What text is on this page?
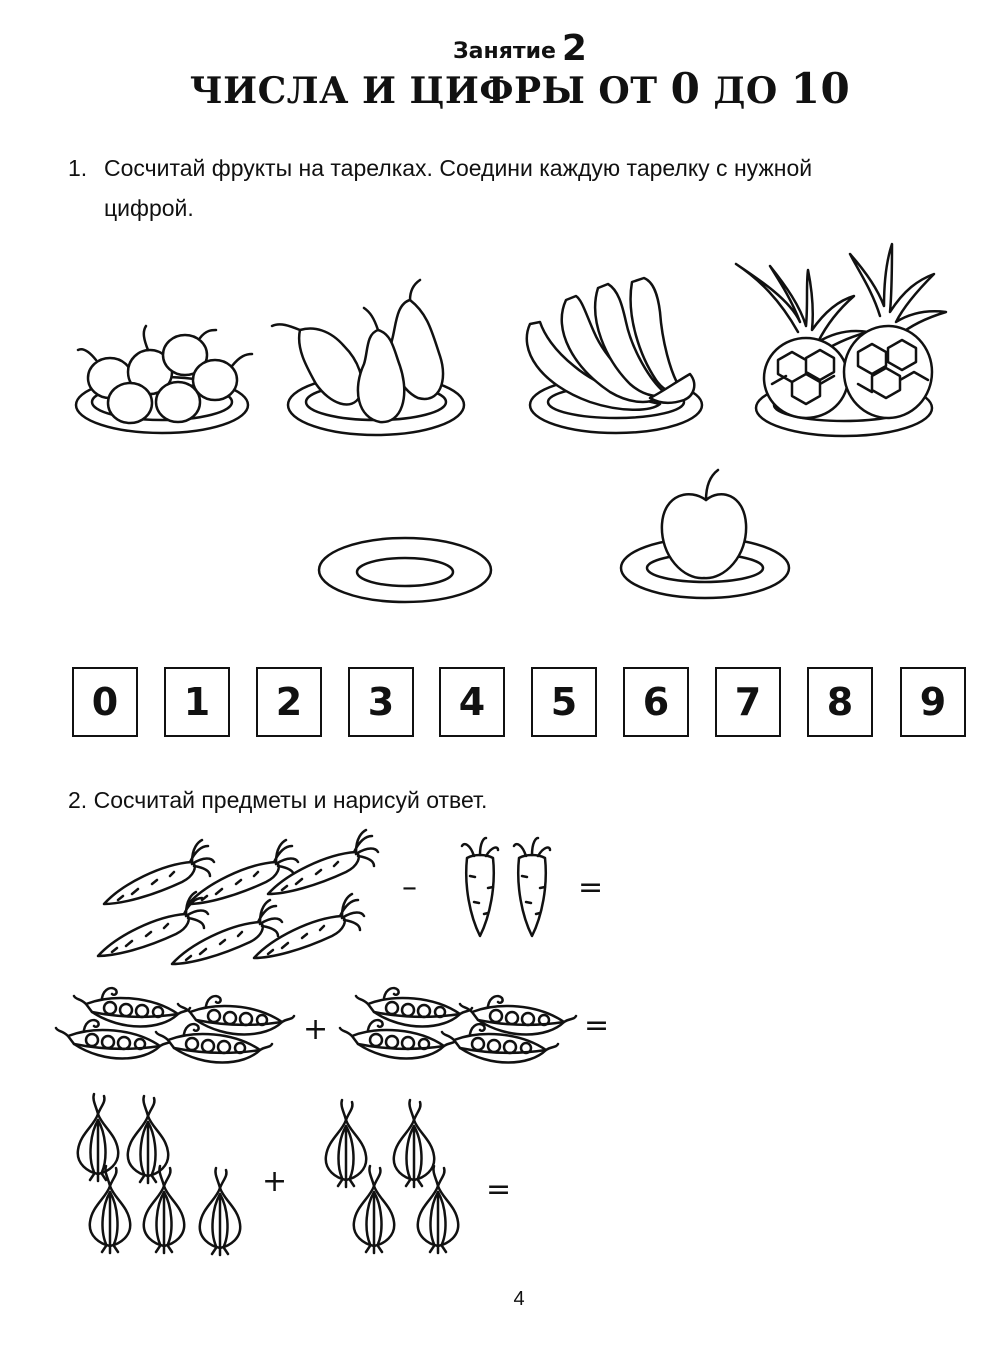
Занятие 2
ЧИСЛА И ЦИФРЫ ОТ 0 ДО 10
1. Сосчитай фрукты на тарелках. Соедини каждую тарелку с нужной
цифрой.
0	1	2	3	4	5	6	7	8	9
2. Сосчитай предметы и нарисуй ответ.
–	=
+	=
+	=
4
